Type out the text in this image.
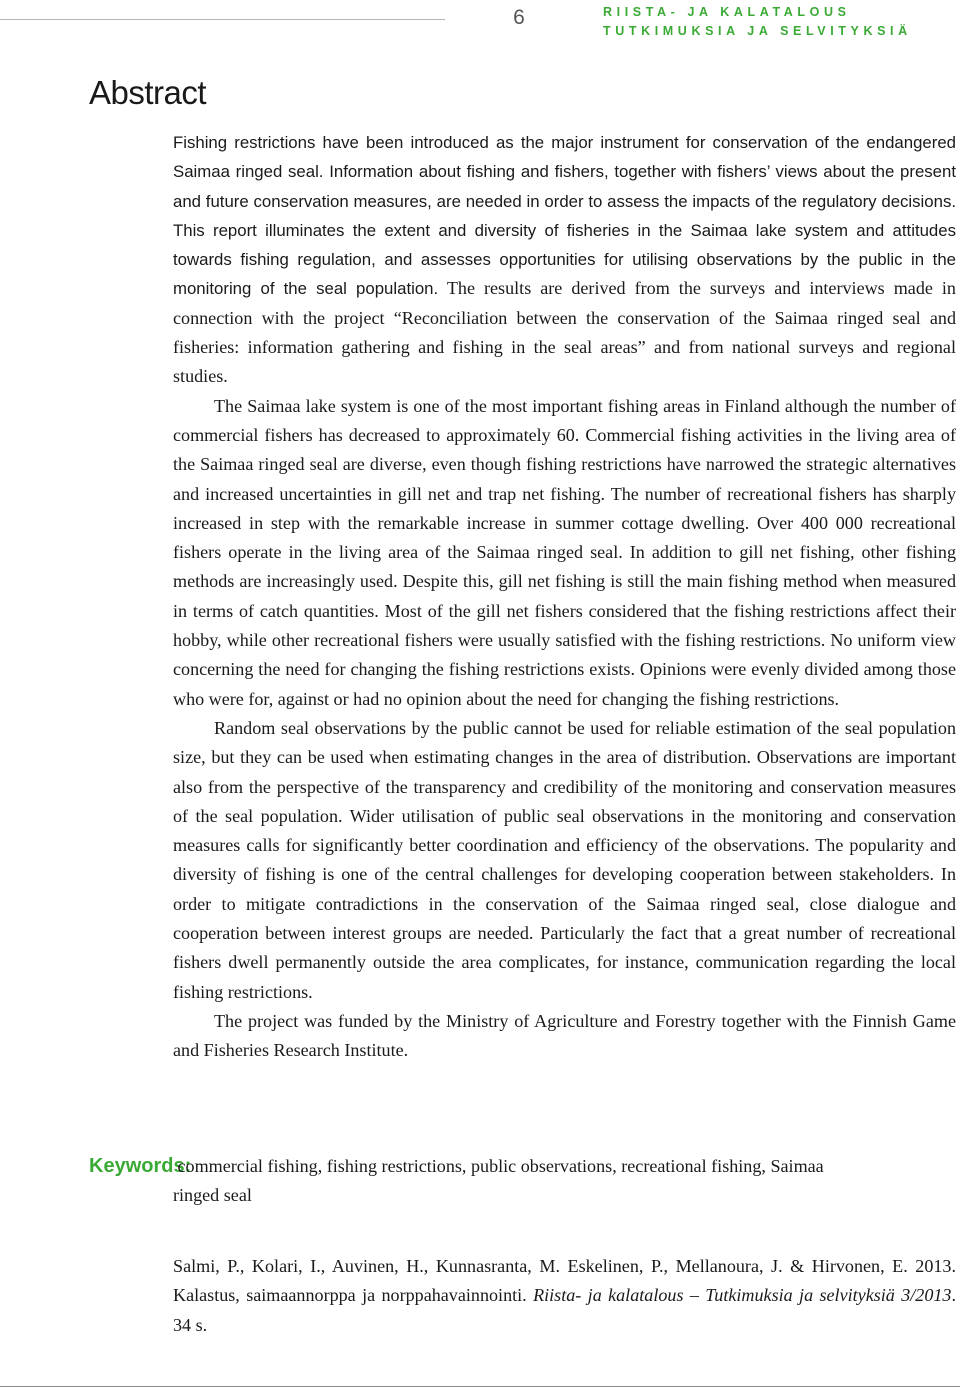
6	RIISTA- JA KALATALOUS
TUTKIMUKSIA JA SELVITYKSIÄ
Abstract

Fishing restrictions have been introduced as the major instrument for conservation of the endangered Saimaa ringed seal. Information about fishing and fishers, together with fishers’ views about the present and future conservation measures, are needed in order to assess the impacts of the regulatory decisions. This report illuminates the extent and diversity of fisheries in the Saimaa lake system and attitudes towards fishing regulation, and assesses opportunities for utilising observations by the public in the monitoring of the seal population. The results are derived from the surveys and interviews made in connection with the project “Reconciliation between the conservation of the Saimaa ringed seal and fisheries: information gathering and fishing in the seal areas” and from national surveys and regional studies.

The Saimaa lake system is one of the most important fishing areas in Finland although the number of commercial fishers has decreased to approximately 60. Commercial fishing activities in the living area of the Saimaa ringed seal are diverse, even though fishing restrictions have narrowed the strategic alternatives and increased uncertainties in gill net and trap net fishing. The number of recreational fishers has sharply increased in step with the remarkable increase in summer cottage dwelling. Over 400 000 recreational fishers operate in the living area of the Saimaa ringed seal. In addition to gill net fishing, other fishing methods are increasingly used. Despite this, gill net fishing is still the main fishing method when measured in terms of catch quantities. Most of the gill net fishers considered that the fishing restrictions affect their hobby, while other recreational fishers were usually satisfied with the fishing restrictions. No uniform view concerning the need for changing the fishing restrictions exists. Opinions were evenly divided among those who were for, against or had no opinion about the need for changing the fishing restrictions.

Random seal observations by the public cannot be used for reliable estimation of the seal population size, but they can be used when estimating changes in the area of distribution. Observations are important also from the perspective of the transparency and credibility of the monitoring and conservation measures of the seal population. Wider utilisation of public seal observations in the monitoring and conservation measures calls for significantly better coordination and efficiency of the observations. The popularity and diversity of fishing is one of the central challenges for developing cooperation between stakeholders. In order to mitigate contradictions in the conservation of the Saimaa ringed seal, close dialogue and cooperation between interest groups are needed. Particularly the fact that a great number of recreational fishers dwell permanently outside the area complicates, for instance, communication regarding the local fishing restrictions.

The project was funded by the Ministry of Agriculture and Forestry together with the Finnish Game and Fisheries Research Institute.

Keywords: commercial fishing, fishing restrictions, public observations, recreational fishing, Saimaa
ringed seal
Salmi, P., Kolari, I., Auvinen, H., Kunnasranta, M. Eskelinen, P., Mellanoura, J. & Hirvonen, E. 2013. Kalastus, saimaannorppa ja norppahavainnointi. Riista- ja kalatalous – Tutkimuksia ja selvityksiä 3/2013. 34 s.
